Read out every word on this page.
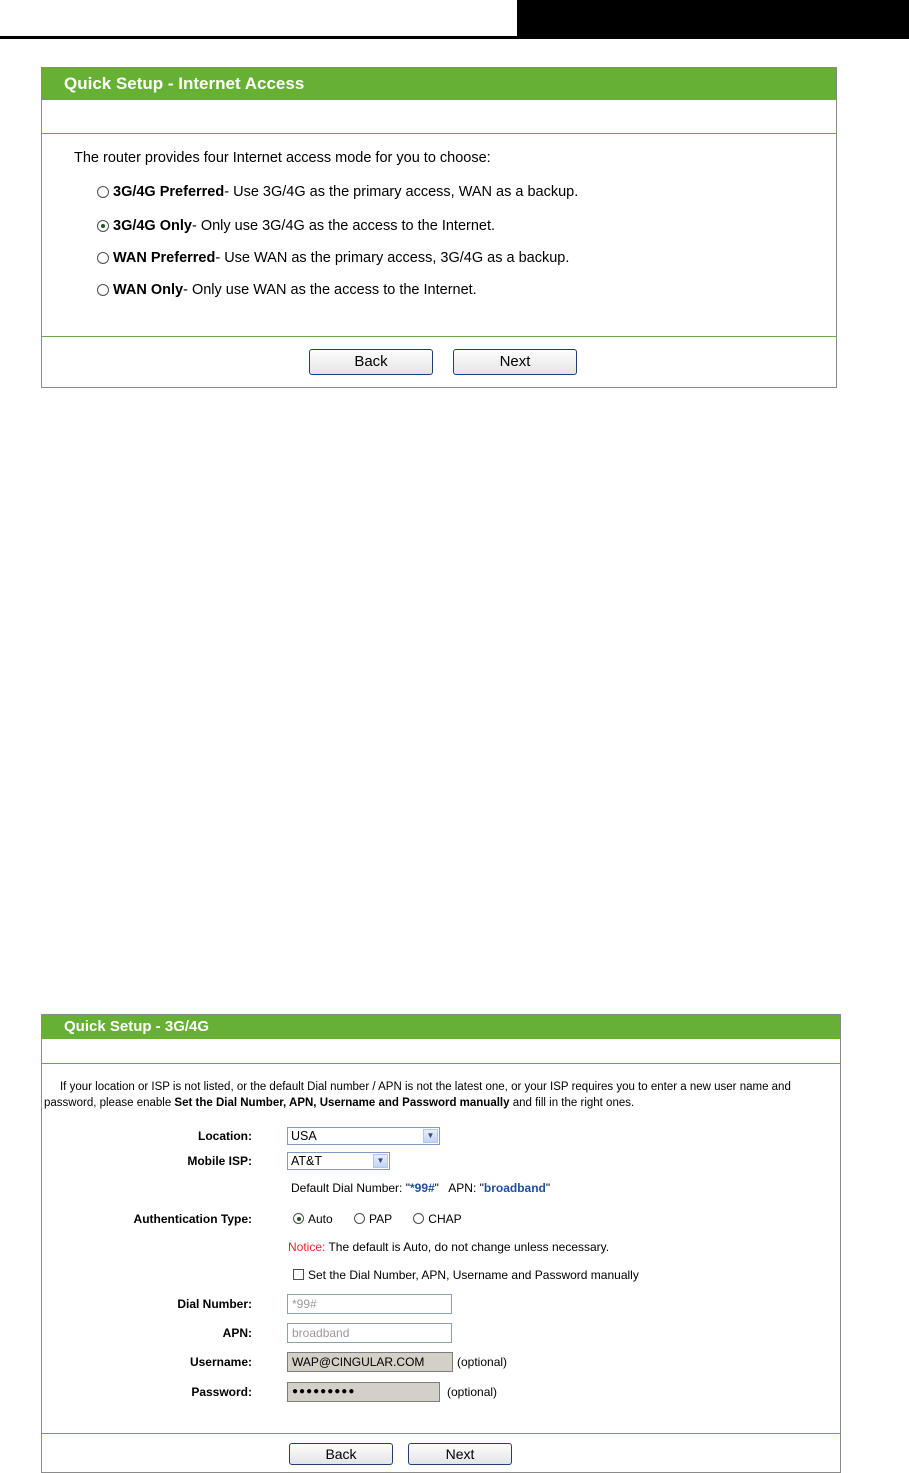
Quick Setup - Internet Access
The router provides four Internet access mode for you to choose:
3G/4G Preferred - Use 3G/4G as the primary access, WAN as a backup.
3G/4G Only - Only use 3G/4G as the access to the Internet.
WAN Preferred - Use WAN as the primary access, 3G/4G as a backup.
WAN Only - Only use WAN as the access to the Internet.
Back	Next
Quick Setup - 3G/4G
If your location or ISP is not listed, or the default Dial number / APN is not the latest one, or your ISP requires you to enter a new user name and password, please enable Set the Dial Number, APN, Username and Password manually and fill in the right ones.
Location:	USA	▼
Mobile ISP:	AT&T	▼
Default Dial Number: "*99#"   APN: "broadband"
Authentication Type:	Auto	PAP	CHAP
Notice: The default is Auto, do not change unless necessary.
Set the Dial Number, APN, Username and Password manually
Dial Number:	*99#
APN:	broadband
Username:	WAP@CINGULAR.COM	(optional)
Password:	●●●●●●●●●	(optional)
Back	Next
